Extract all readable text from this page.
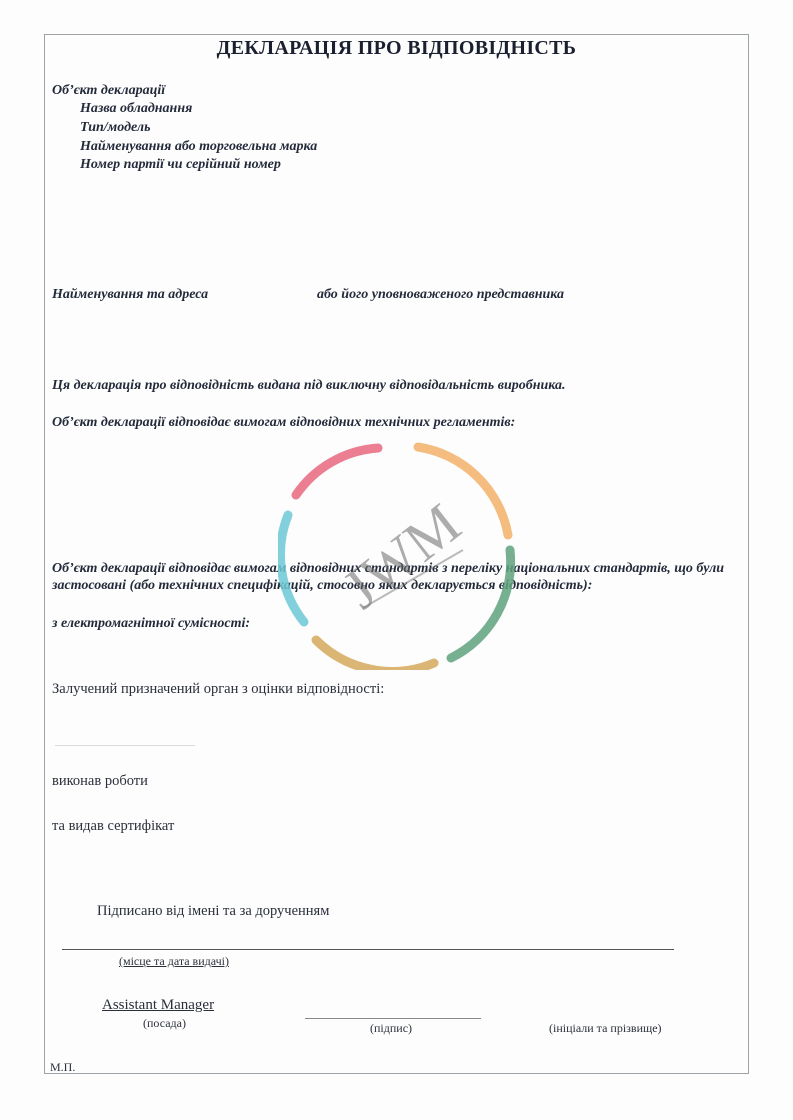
ДЕКЛАРАЦІЯ ПРО ВІДПОВІДНІСТЬ
Об’єкт декларації
Назва обладнання
Тип/модель
Найменування або торговельна марка
Номер партії чи серійний номер
Найменування та адреса	або його уповноваженого представника
Ця декларація про відповідність видана під виключну відповідальність виробника.
Об’єкт декларації відповідає вимогам відповідних технічних регламентів:
Об’єкт декларації відповідає вимогам відповідних стандартів з переліку національних стандартів, що були застосовані (або технічних специфікацій, стосовно яких декларується відповідність):
з електромагнітної сумісності:
Залучений призначений орган з оцінки відповідності:
виконав роботи
та видав сертифікат
Підписано від імені та за дорученням
(місце та дата видачі)
Assistant Manager
(посада)	(підпис)	(ініціали та прізвище)
М.П.
JWM
